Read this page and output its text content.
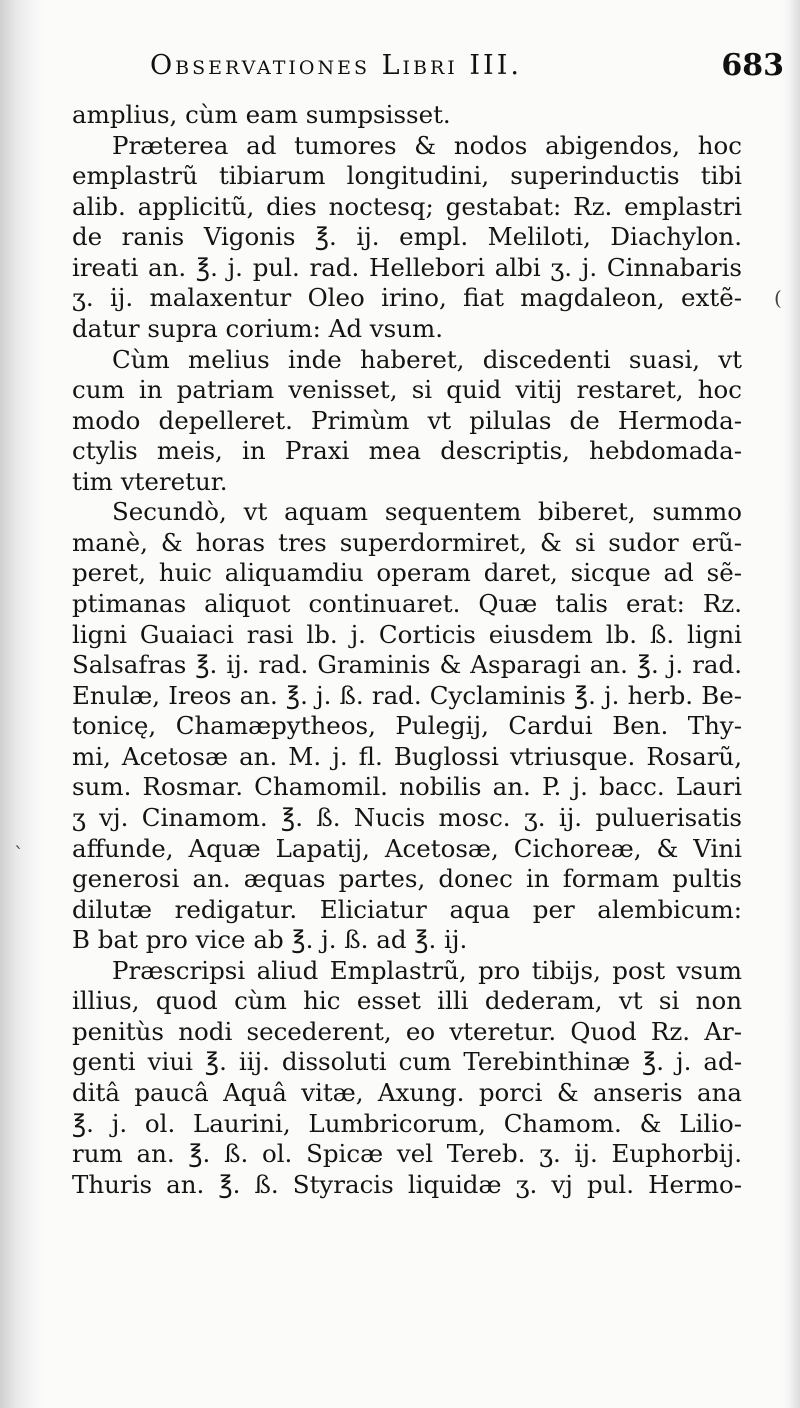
Observationes Libri III.	683
amplius, cùm eam sumpsisset.
Præterea ad tumores & nodos abigendos, hoc
emplastrũ tibiarum longitudini, superinductis tibi
alib. applicitũ, dies noctesq; gestabat: Rz. emplastri
de ranis Vigonis ℥. ij. empl. Meliloti, Diachylon.
ireati an. ℥. j. pul. rad. Hellebori albi ʒ. j. Cinnabaris
ʒ. ij. malaxentur Oleo irino, fiat magdaleon, extẽ-
datur supra corium: Ad vsum.
Cùm melius inde haberet, discedenti suasi, vt
cum in patriam venisset, si quid vitij restaret, hoc
modo depelleret. Primùm vt pilulas de Hermoda-
ctylis meis, in Praxi mea descriptis, hebdomada-
tim vteretur.
Secundò, vt aquam sequentem biberet, summo
manè, & horas tres superdormiret, & si sudor erũ-
peret, huic aliquamdiu operam daret, sicque ad sẽ-
ptimanas aliquot continuaret. Quæ talis erat: Rz.
ligni Guaiaci rasi lb. j. Corticis eiusdem lb. ß. ligni
Salsafras ℥. ij. rad. Graminis & Asparagi an. ℥. j. rad.
Enulæ, Ireos an. ℥. j. ß. rad. Cyclaminis ℥. j. herb. Be-
tonicę, Chamæpytheos, Pulegij, Cardui Ben. Thy-
mi, Acetosæ an. M. j. fl. Buglossi vtriusque. Rosarũ,
sum. Rosmar. Chamomil. nobilis an. P. j. bacc. Lauri
ʒ vj. Cinamom. ℥. ß. Nucis mosc. ʒ. ij. puluerisatis
affunde, Aquæ Lapatij, Acetosæ, Cichoreæ, & Vini
generosi an. æquas partes, donec in formam pultis
dilutæ redigatur. Eliciatur aqua per alembicum:
B bat pro vice ab ℥. j. ß. ad ℥. ij.
Præscripsi aliud Emplastrũ, pro tibijs, post vsum
illius, quod cùm hic esset illi dederam, vt si non
penitùs nodi secederent, eo vteretur. Quod Rz. Ar-
genti viui ℥. iij. dissoluti cum Terebinthinæ ℥. j. ad-
ditâ paucâ Aquâ vitæ, Axung. porci & anseris ana
℥. j. ol. Laurini, Lumbricorum, Chamom. & Lilio-
rum an. ℥. ß. ol. Spicæ vel Tereb. ʒ. ij. Euphorbij.
Thuris an. ℥. ß. Styracis liquidæ ʒ. vj pul. Hermo-
(
`
